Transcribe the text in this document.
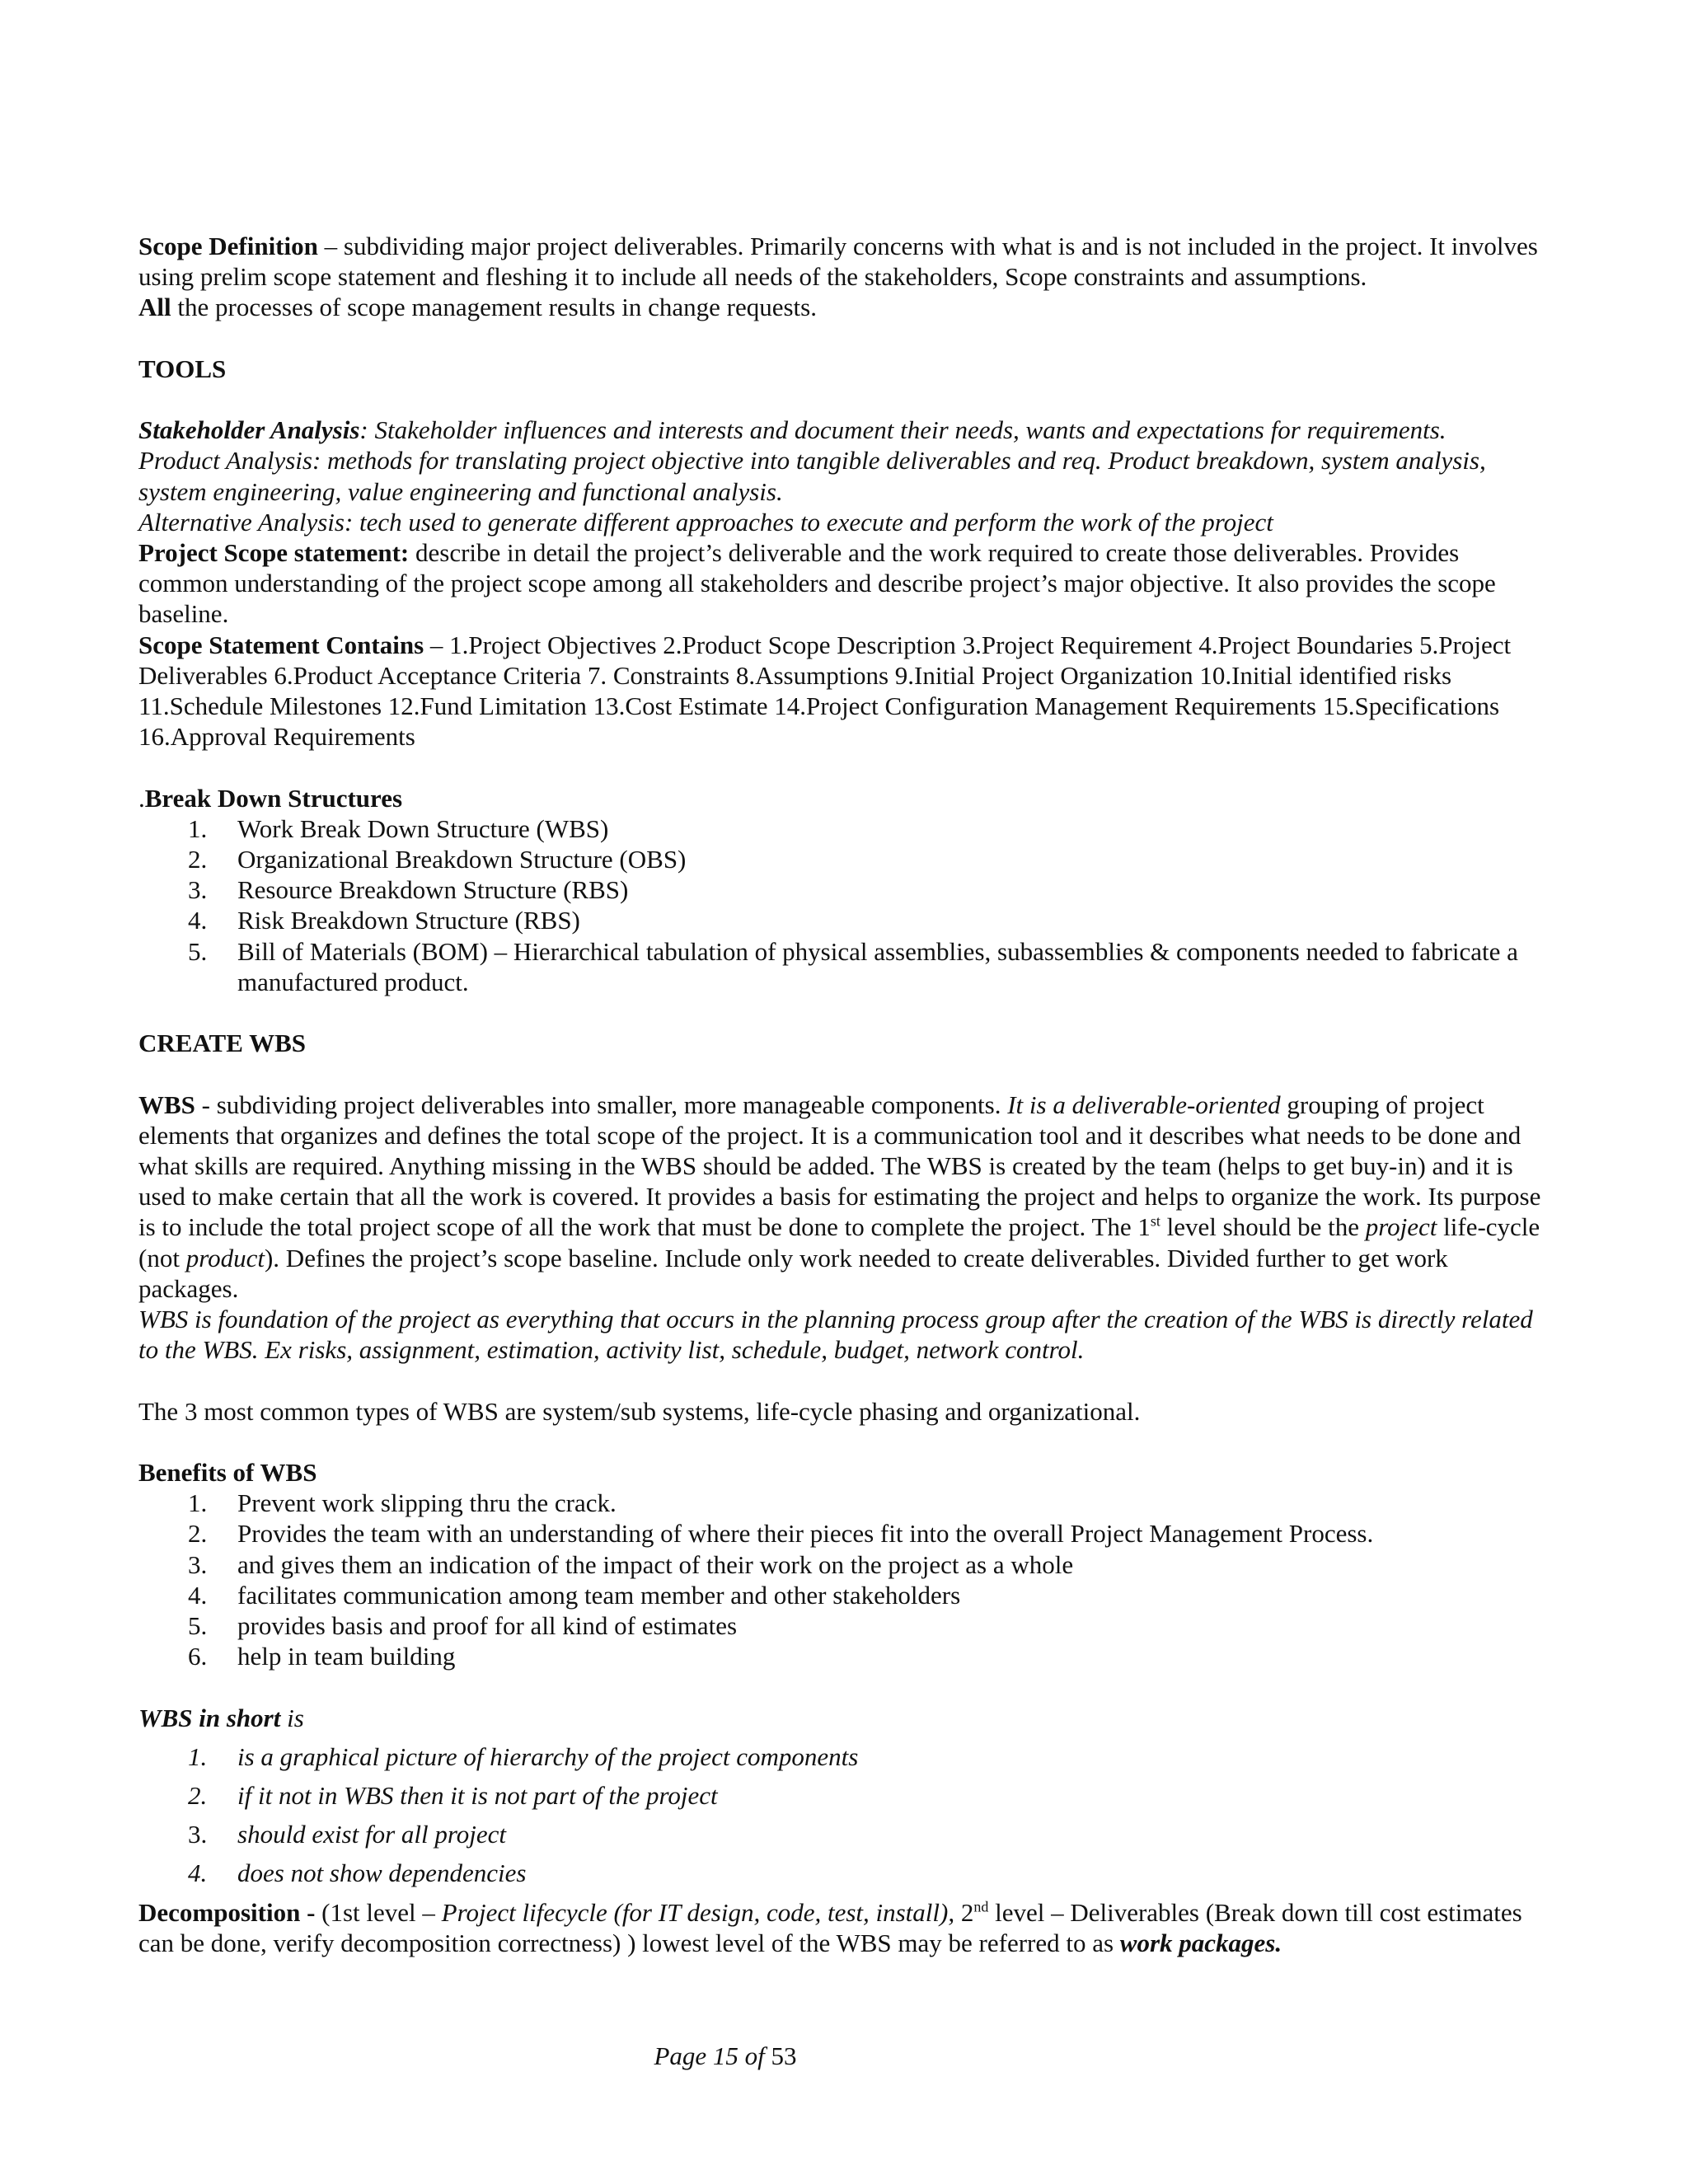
Scope Definition – subdividing major project deliverables. Primarily concerns with what is and is not included in the project. It involves using prelim scope statement and fleshing it to include all needs of the stakeholders, Scope constraints and assumptions.

All the processes of scope management results in change requests.

TOOLS

Stakeholder Analysis: Stakeholder influences and interests and document their needs, wants and expectations for requirements.

Product Analysis: methods for translating project objective into tangible deliverables and req. Product breakdown, system analysis, system engineering, value engineering and functional analysis.

Alternative Analysis: tech used to generate different approaches to execute and perform the work of the project

Project Scope statement: describe in detail the project’s deliverable and the work required to create those deliverables. Provides common understanding of the project scope among all stakeholders and describe project’s major objective. It also provides the scope baseline.

Scope Statement Contains – 1.Project Objectives 2.Product Scope Description 3.Project Requirement 4.Project Boundaries 5.Project Deliverables 6.Product Acceptance Criteria 7. Constraints 8.Assumptions 9.Initial Project Organization 10.Initial identified risks 11.Schedule Milestones 12.Fund Limitation 13.Cost Estimate 14.Project Configuration Management Requirements 15.Specifications 16.Approval Requirements

.Break Down Structures

1.	Work Break Down Structure (WBS)
2.	Organizational Breakdown Structure (OBS)
3.	Resource Breakdown Structure (RBS)
4.	Risk Breakdown Structure (RBS)
5.	Bill of Materials (BOM) – Hierarchical tabulation of physical assemblies, subassemblies & components needed to fabricate a manufactured product.

CREATE WBS

WBS - subdividing project deliverables into smaller, more manageable components. It is a deliverable-oriented grouping of project elements that organizes and defines the total scope of the project. It is a communication tool and it describes what needs to be done and what skills are required. Anything missing in the WBS should be added. The WBS is created by the team (helps to get buy-in) and it is used to make certain that all the work is covered. It provides a basis for estimating the project and helps to organize the work. Its purpose is to include the total project scope of all the work that must be done to complete the project. The 1st level should be the project life-cycle (not product). Defines the project’s scope baseline. Include only work needed to create deliverables. Divided further to get work packages.

WBS is foundation of the project as everything that occurs in the planning process group after the creation of the WBS is directly related to the WBS. Ex risks, assignment, estimation, activity list, schedule, budget, network control.

The 3 most common types of WBS are system/sub systems, life-cycle phasing and organizational.

Benefits of WBS

1.	Prevent work slipping thru the crack.
2.	Provides the team with an understanding of where their pieces fit into the overall Project Management Process.
3.	and gives them an indication of the impact of their work on the project as a whole
4.	facilitates communication among team member and other stakeholders
5.	provides basis and proof for all kind of estimates
6.	help in team building

WBS in short is

1.	is a graphical picture of hierarchy of the project components
2.	if it not in WBS then it is not part of the project
3.	should exist for all project
4.	does not show dependencies

Decomposition - (1st level – Project lifecycle (for IT design, code, test, install), 2nd level – Deliverables (Break down till cost estimates can be done, verify decomposition correctness) ) lowest level of the WBS may be referred to as work packages.

Page 15 of 53
